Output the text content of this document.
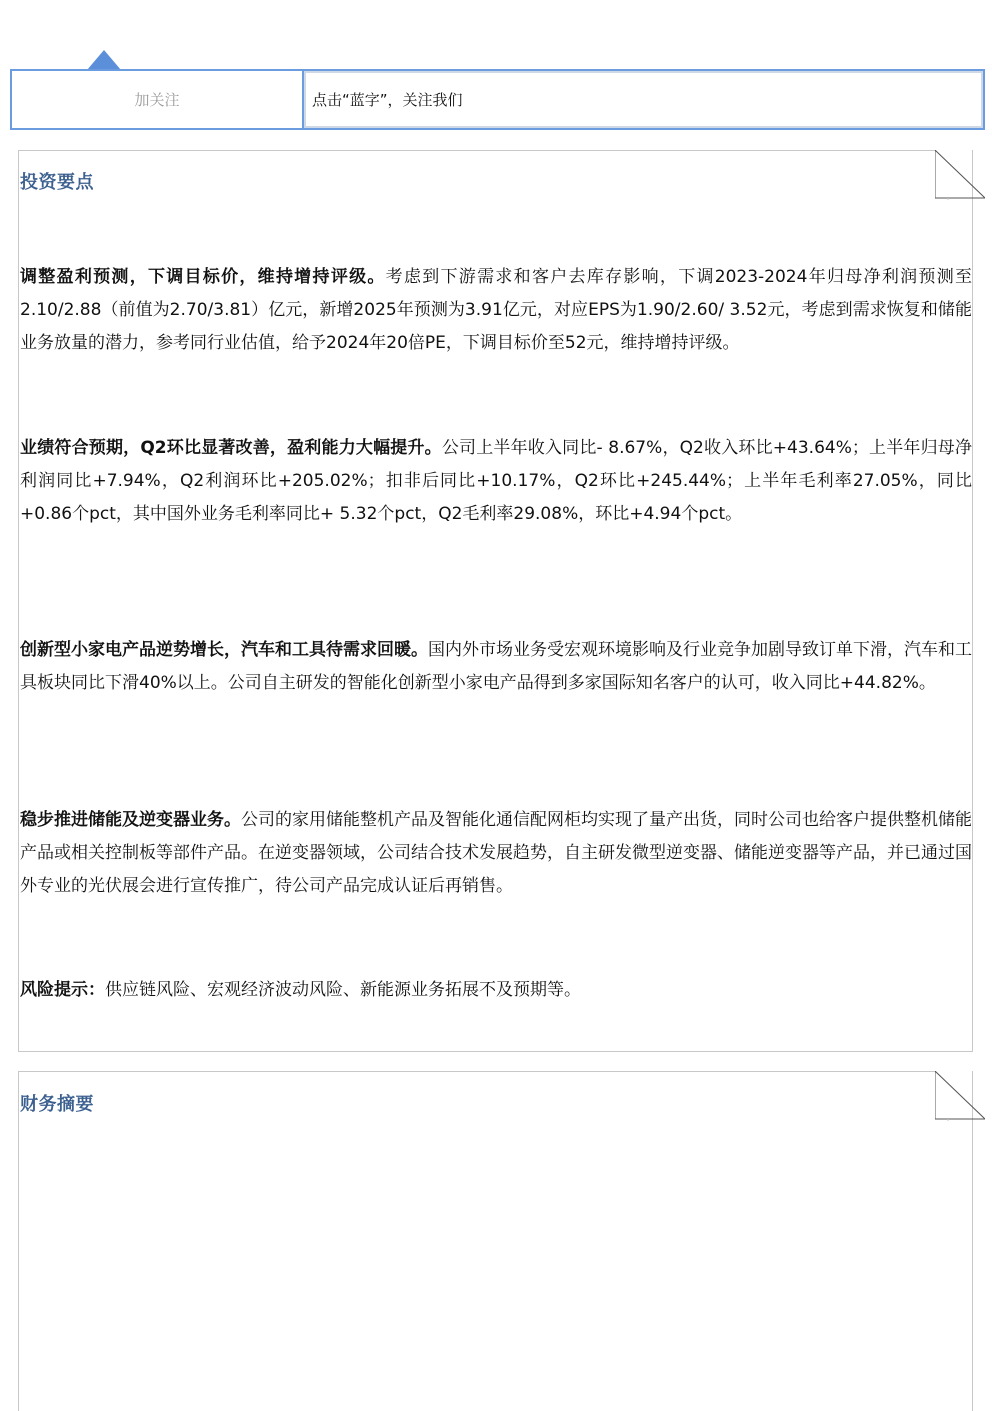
加关注	点击“蓝字”，关注我们
投资要点
调整盈利预测，下调目标价，维持增持评级。考虑到下游需求和客户去库存影响，下调2023-2024年归母净利润预测至2.10/2.88（前值为2.70/3.81）亿元，新增2025年预测为3.91亿元，对应EPS为1.90/2.60/ 3.52元，考虑到需求恢复和储能业务放量的潜力，参考同行业估值，给予2024年20倍PE，下调目标价至52元，维持增持评级。
业绩符合预期，Q2环比显著改善，盈利能力大幅提升。公司上半年收入同比- 8.67%，Q2收入环比+43.64%；上半年归母净利润同比+7.94%，Q2利润环比+205.02%；扣非后同比+10.17%，Q2环比+245.44%；上半年毛利率27.05%，同比+0.86个pct，其中国外业务毛利率同比+ 5.32个pct，Q2毛利率29.08%，环比+4.94个pct。
创新型小家电产品逆势增长，汽车和工具待需求回暖。国内外市场业务受宏观环境影响及行业竞争加剧导致订单下滑，汽车和工具板块同比下滑40%以上。公司自主研发的智能化创新型小家电产品得到多家国际知名客户的认可，收入同比+44.82%。
稳步推进储能及逆变器业务。公司的家用储能整机产品及智能化通信配网柜均实现了量产出货，同时公司也给客户提供整机储能产品或相关控制板等部件产品。在逆变器领域，公司结合技术发展趋势，自主研发微型逆变器、储能逆变器等产品，并已通过国外专业的光伏展会进行宣传推广，待公司产品完成认证后再销售。
风险提示：供应链风险、宏观经济波动风险、新能源业务拓展不及预期等。
财务摘要
